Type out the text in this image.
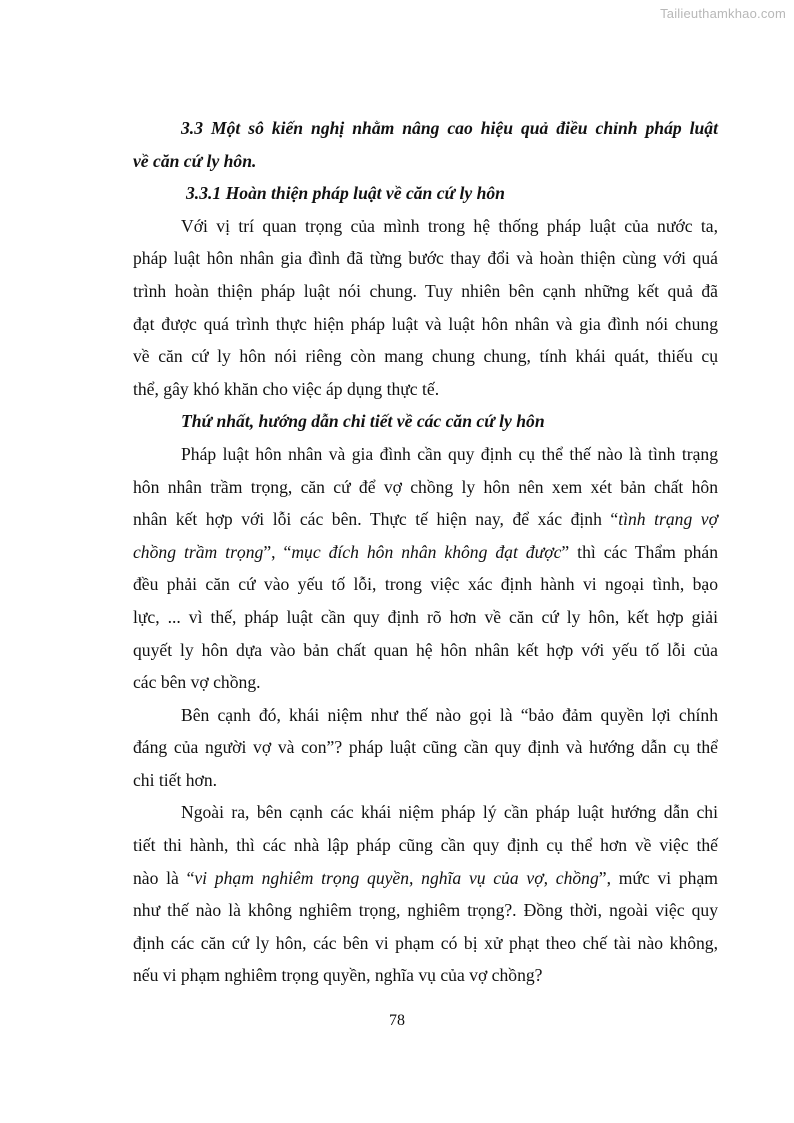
Tailieuthamkhao.com
3.3 Một sô kiến nghị nhằm nâng cao hiệu quả điều chỉnh pháp luật
về căn cứ ly hôn.
3.3.1 Hoàn thiện pháp luật về căn cứ ly hôn
Với vị trí quan trọng của mình trong hệ thống pháp luật của nước ta,
pháp luật hôn nhân gia đình đã từng bước thay đổi và hoàn thiện cùng với quá
trình hoàn thiện pháp luật nói chung. Tuy nhiên bên cạnh những kết quả đã
đạt được quá trình thực hiện pháp luật và luật hôn nhân và gia đình nói chung
về căn cứ ly hôn nói riêng còn mang chung chung, tính khái quát, thiếu cụ
thể, gây khó khăn cho việc áp dụng thực tế.
Thứ nhất, hướng dẫn chi tiết về các căn cứ ly hôn
Pháp luật hôn nhân và gia đình cần quy định cụ thể thế nào là tình trạng
hôn nhân trầm trọng, căn cứ để vợ chồng ly hôn nên xem xét bản chất hôn
nhân kết hợp với lỗi các bên. Thực tế hiện nay, để xác định “tình trạng vợ
chồng trầm trọng”, “mục đích hôn nhân không đạt được” thì các Thẩm phán
đều phải căn cứ vào yếu tố lỗi, trong việc xác định hành vi ngoại tình, bạo
lực, ... vì thế, pháp luật cần quy định rõ hơn về căn cứ ly hôn, kết hợp giải
quyết ly hôn dựa vào bản chất quan hệ hôn nhân kết hợp với yếu tố lỗi của
các bên vợ chồng.
Bên cạnh đó, khái niệm như thế nào gọi là “bảo đảm quyền lợi chính
đáng của người vợ và con”? pháp luật cũng cần quy định và hướng dẫn cụ thể
chi tiết hơn.
Ngoài ra, bên cạnh các khái niệm pháp lý cần pháp luật hướng dẫn chi
tiết thi hành, thì các nhà lập pháp cũng cần quy định cụ thể hơn về việc thế
nào là “vi phạm nghiêm trọng quyền, nghĩa vụ của vợ, chồng”, mức vi phạm
như thế nào là không nghiêm trọng, nghiêm trọng?. Đồng thời, ngoài việc quy
định các căn cứ ly hôn, các bên vi phạm có bị xử phạt theo chế tài nào không,
nếu vi phạm nghiêm trọng quyền, nghĩa vụ của vợ chồng?
78
